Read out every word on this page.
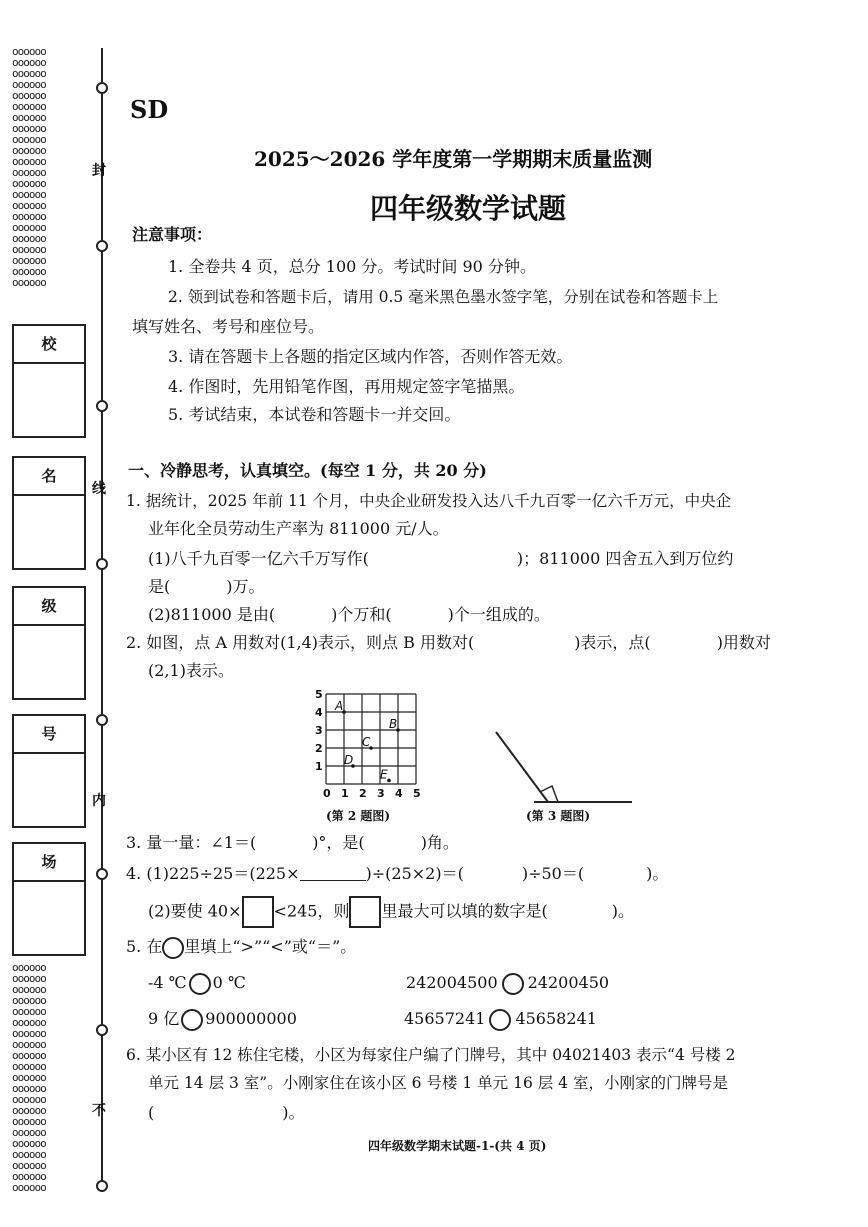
oooooo
oooooo
oooooo
oooooo
oooooo
oooooo
oooooo
oooooo
oooooo
oooooo
oooooo
oooooo
oooooo
oooooo
oooooo
oooooo
oooooo
oooooo
oooooo
oooooo
oooooo
oooooo
oooooo
oooooo
oooooo
oooooo
oooooo
oooooo
oooooo
oooooo
oooooo
oooooo
oooooo
oooooo
oooooo
oooooo
oooooo
oooooo
oooooo
oooooo
oooooo
oooooo
oooooo
封
线
内
不
校
名
级
号
场
SD
2025～2026 学年度第一学期期末质量监测
四年级数学试题
注意事项：
1. 全卷共 4 页，总分 100 分。考试时间 90 分钟。
2. 领到试卷和答题卡后，请用 0.5 毫米黑色墨水签字笔，分别在试卷和答题卡上
填写姓名、考号和座位号。
3. 请在答题卡上各题的指定区域内作答，否则作答无效。
4. 作图时，先用铅笔作图，再用规定签字笔描黑。
5. 考试结束，本试卷和答题卡一并交回。
一、冷静思考，认真填空。(每空 1 分，共 20 分)
1. 据统计，2025 年前 11 个月，中央企业研发投入达八千九百零一亿六千万元，中央企
业年化全员劳动生产率为 811000 元/人。
(1)八千九百零一亿六千万写作(	)；811000 四舍五入到万位约
是(	)万。
(2)811000 是由(	)个万和(	)个一组成的。
2. 如图，点 A 用数对(1,4)表示，则点 B 用数对(	)表示，点(	)用数对
(2,1)表示。
0 1
1
2
2
3
3
4
4
5
5
A
B
C
D
E
(第 2 题图)	(第 3 题图)
3. 量一量：∠1＝(	)°，是(	)角。
4. (1)225÷25＝(225×	)÷(25×2)＝(	)÷50＝(	)。
(2)要使 40× <245，则 里最大可以填的数字是(	)。
5. 在 里填上“>”“<”或“＝”。
-4 ℃ 0 ℃	242004500 24200450
9 亿 900000000	45657241 45658241
6. 某小区有 12 栋住宅楼，小区为每家住户编了门牌号，其中 04021403 表示“4 号楼 2
单元 14 层 3 室”。小刚家住在该小区 6 号楼 1 单元 16 层 4 室，小刚家的门牌号是
(	)。
四年级数学期末试题-1-(共 4 页)
